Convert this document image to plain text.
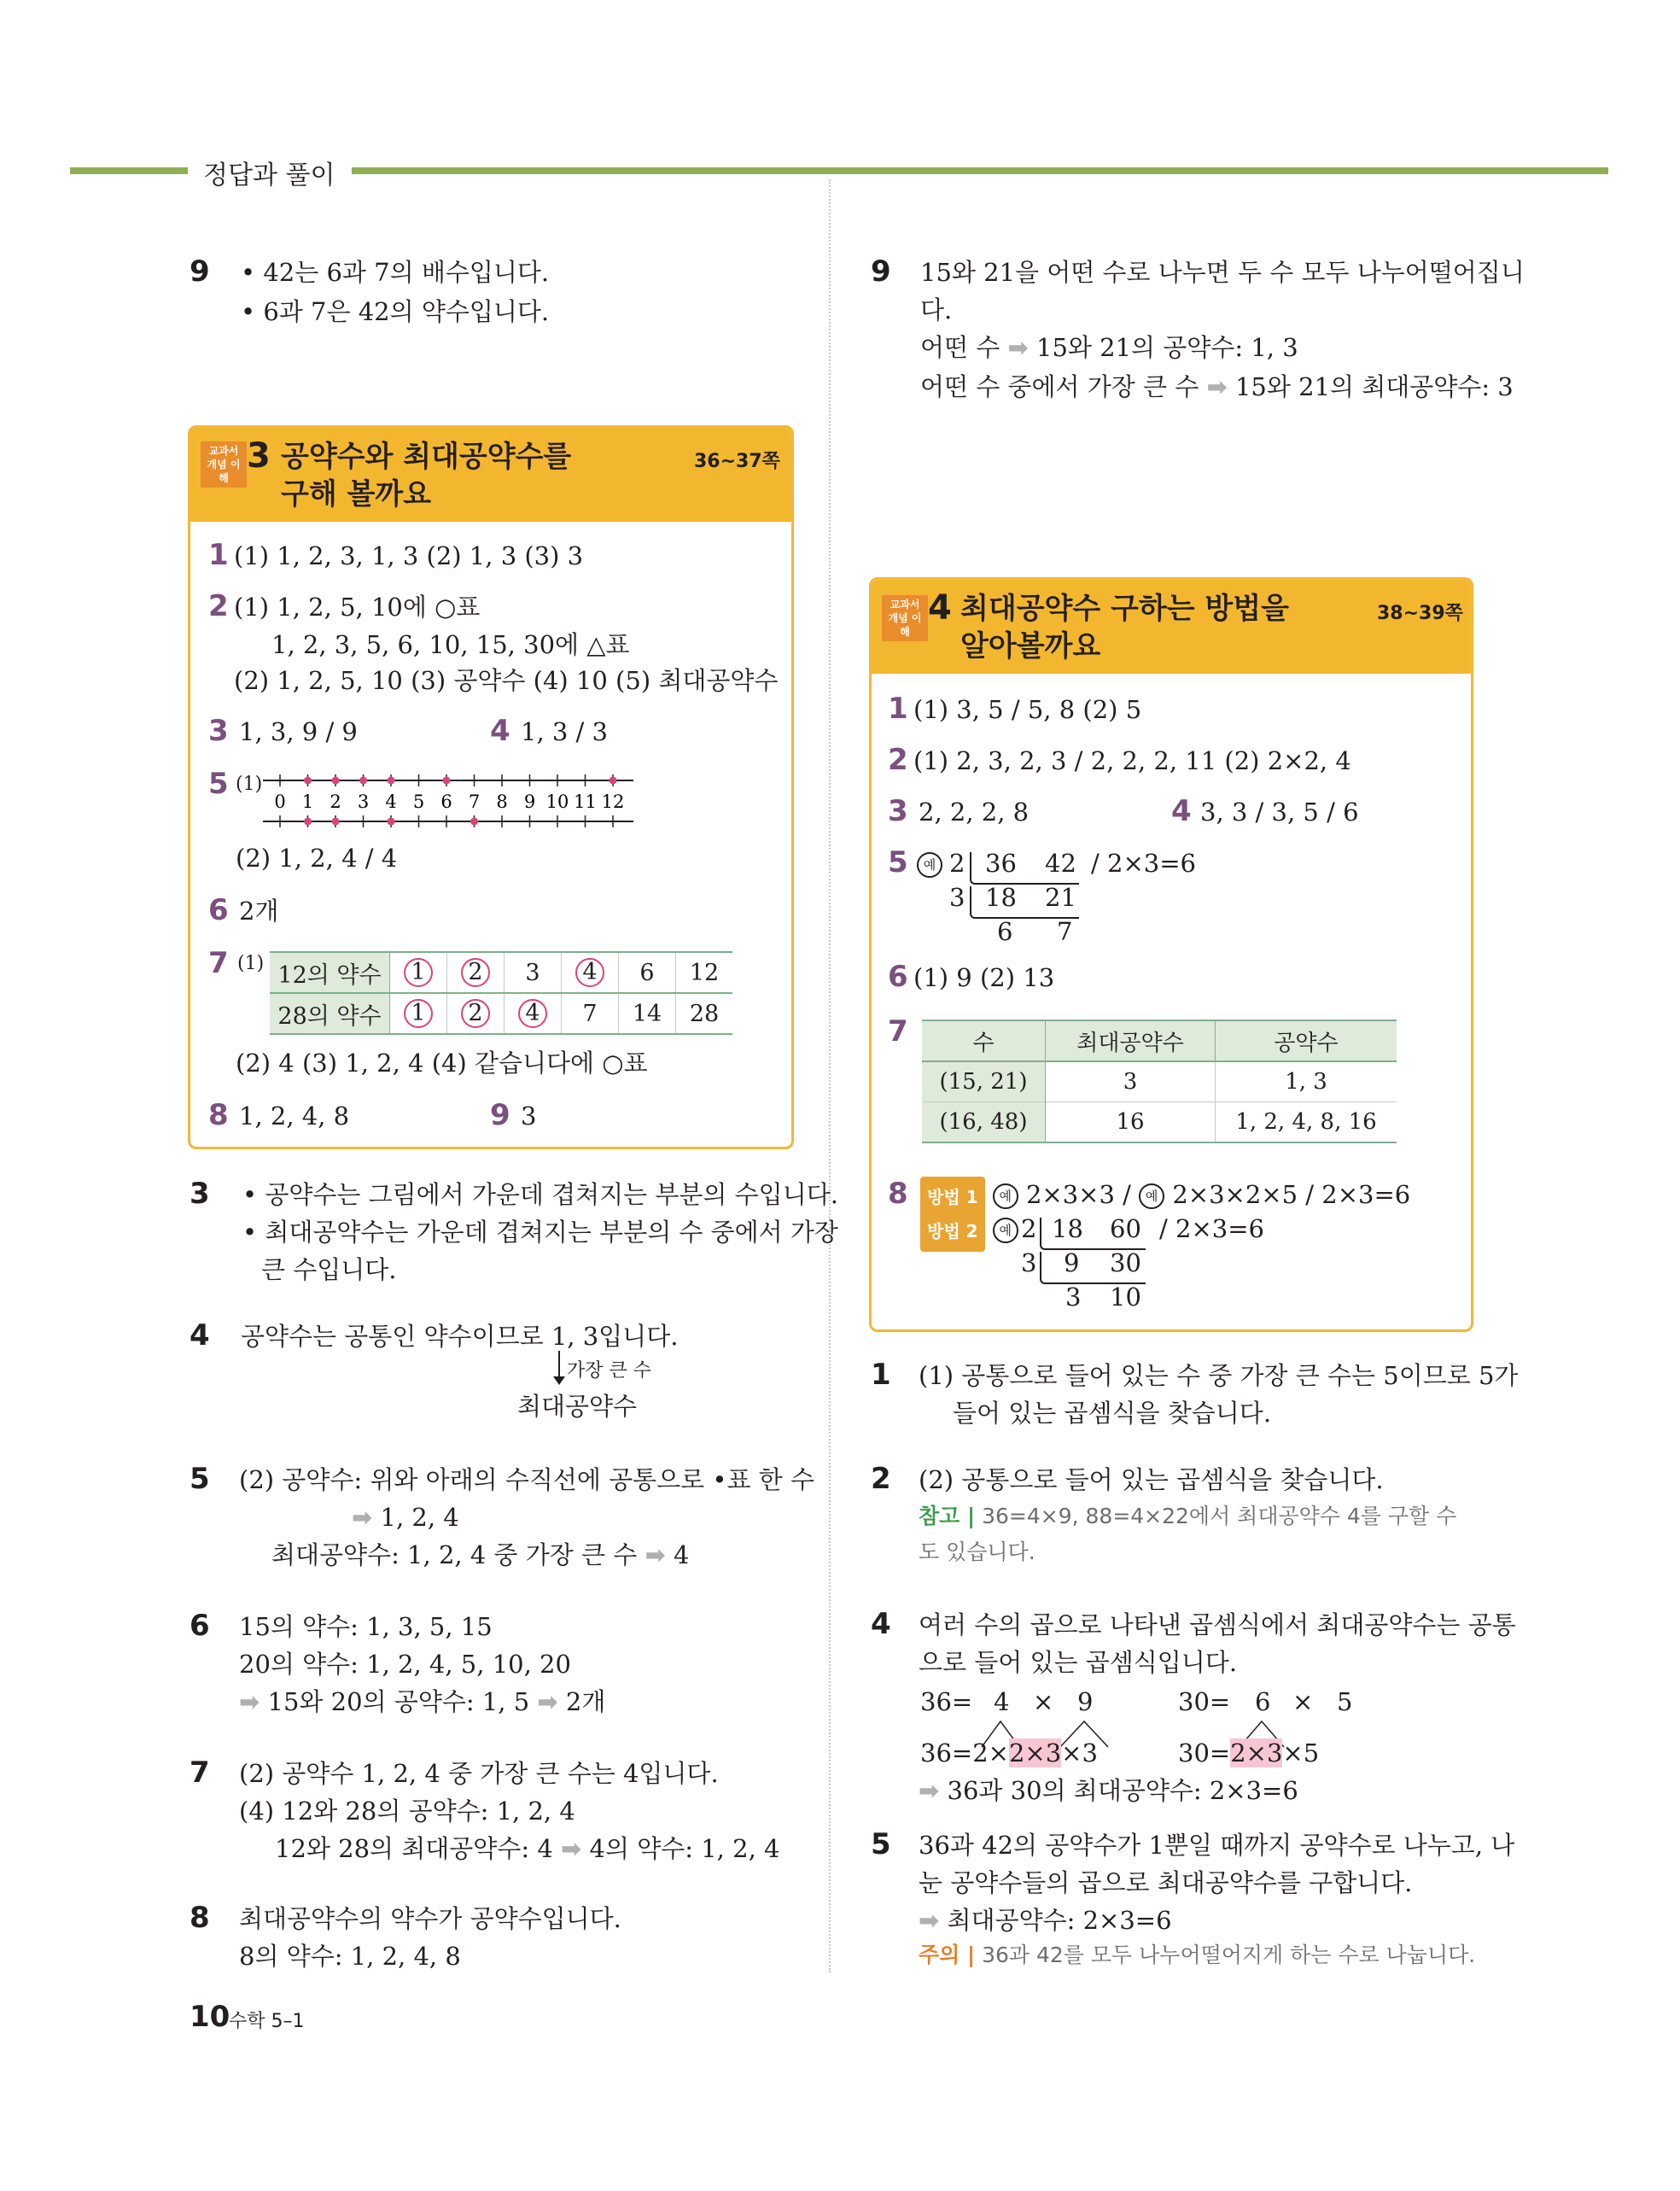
정답과 풀이
9 • 42는 6과 7의 배수입니다.
• 6과 7은 42의 약수입니다.
교과서 개념 이해
3 공약수와 최대공약수를
구해 볼까요
36~37쪽
1 (1) 1, 2, 3, 1, 3 (2) 1, 3 (3) 3
2 (1) 1, 2, 5, 10에 ○표
1, 2, 3, 5, 6, 10, 15, 30에 △표
(2) 1, 2, 5, 10 (3) 공약수 (4) 10 (5) 최대공약수
3 1, 3, 9 / 9	4 1, 3 / 3
5 (1)
0 1 2 3 4 5 6 7 8 9 10 11 12
(2) 1, 2, 4 / 4
6 2개
7 (1) 12의 약수	1	2	3	4	6	12
28의 약수	1	2	4	7	14	28
(2) 4 (3) 1, 2, 4 (4) 같습니다에 ○표
8 1, 2, 4, 8	9 3
3 • 공약수는 그림에서 가운데 겹쳐지는 부분의 수입니다.
• 최대공약수는 가운데 겹쳐지는 부분의 수 중에서 가장
큰 수입니다.
4 공약수는 공통인 약수이므로 1, 3입니다.
가장 큰 수
최대공약수
5 (2) 공약수: 위와 아래의 수직선에 공통으로 •표 한 수
➡ 1, 2, 4
최대공약수: 1, 2, 4 중 가장 큰 수 ➡ 4
6 15의 약수: 1, 3, 5, 15
20의 약수: 1, 2, 4, 5, 10, 20
➡ 15와 20의 공약수: 1, 5 ➡ 2개
7 (2) 공약수 1, 2, 4 중 가장 큰 수는 4입니다.
(4) 12와 28의 공약수: 1, 2, 4
12와 28의 최대공약수: 4 ➡ 4의 약수: 1, 2, 4
8 최대공약수의 약수가 공약수입니다.
8의 약수: 1, 2, 4, 8
10
수학 5–1
9 15와 21을 어떤 수로 나누면 두 수 모두 나누어떨어집니
다.
어떤 수 ➡ 15와 21의 공약수: 1, 3
어떤 수 중에서 가장 큰 수 ➡ 15와 21의 최대공약수: 3
교과서 개념 이해
4 최대공약수 구하는 방법을
알아볼까요
38~39쪽
1 (1) 3, 5 / 5, 8 (2) 5
2 (1) 2, 3, 2, 3 / 2, 2, 2, 11 (2) 2×2, 4
3 2, 2, 2, 8	4 3, 3 / 3, 5 / 6
5	예 2 36 42 / 2×3=6
3 18 21
6 7
6 (1) 9 (2) 13
7	수	최대공약수	공약수
(15, 21)	3	1, 3
(16, 48)	16	1, 2, 4, 8, 16
8	방법 1 예 2×3×3 / 예 2×3×2×5 / 2×3=6
방법 2 예 2 18 60 / 2×3=6
3 9 30
3 10
1 (1) 공통으로 들어 있는 수 중 가장 큰 수는 5이므로 5가
들어 있는 곱셈식을 찾습니다.
2 (2) 공통으로 들어 있는 곱셈식을 찾습니다.
참고 | 36=4×9, 88=4×22에서 최대공약수 4를 구할 수
도 있습니다.
4 여러 수의 곱으로 나타낸 곱셈식에서 최대공약수는 공통
으로 들어 있는 곱셈식입니다.
36= 4 × 9	30= 6 × 5
36=2×2×3×3	30=2×3×5
➡ 36과 30의 최대공약수: 2×3=6
5 36과 42의 공약수가 1뿐일 때까지 공약수로 나누고, 나
눈 공약수들의 곱으로 최대공약수를 구합니다.
➡ 최대공약수: 2×3=6
주의 | 36과 42를 모두 나누어떨어지게 하는 수로 나눕니다.
